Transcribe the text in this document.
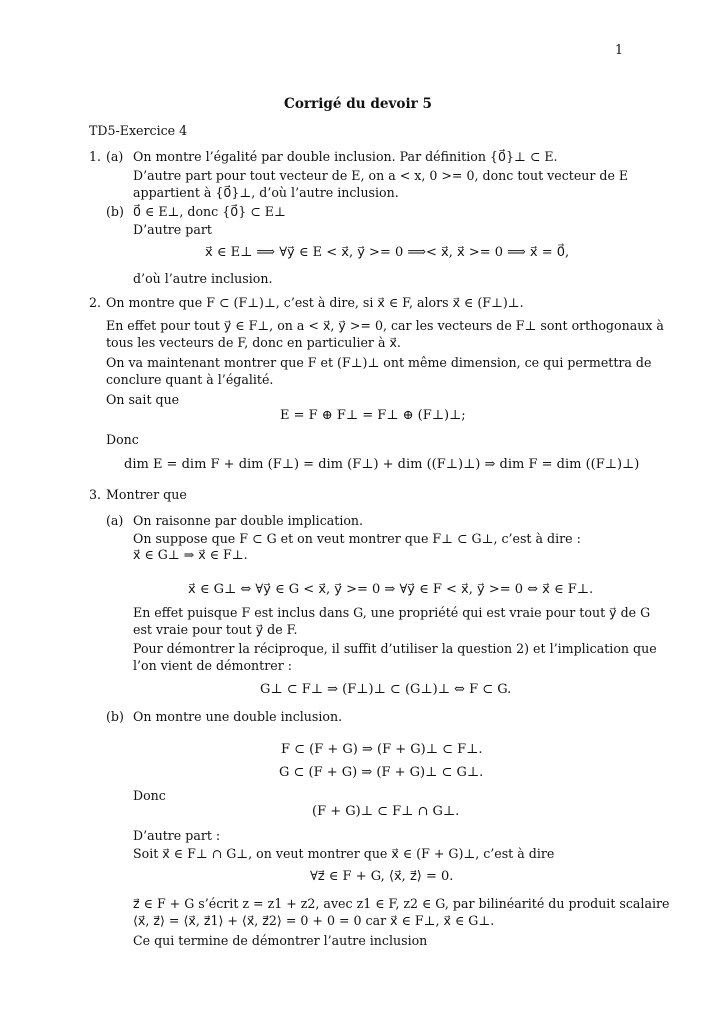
1
Corrigé du devoir 5
TD5-Exercice 4
1. (a) On montre l’égalité par double inclusion. Par définition {0⃗}⊥ ⊂ E.
D’autre part pour tout vecteur de E, on a < x, 0 >= 0, donc tout vecteur de E
appartient à {0⃗}⊥, d’où l’autre inclusion.
(b) 0⃗ ∈ E⊥, donc {0⃗} ⊂ E⊥
D’autre part
x⃗ ∈ E⊥ ⟹ ∀y⃗ ∈ E < x⃗, y⃗ >= 0 ⟹< x⃗, x⃗ >= 0 ⟹ x⃗ = 0⃗,
d’où l’autre inclusion.
2. On montre que F ⊂ (F⊥)⊥, c’est à dire, si x⃗ ∈ F, alors x⃗ ∈ (F⊥)⊥.
En effet pour tout y⃗ ∈ F⊥, on a < x⃗, y⃗ >= 0, car les vecteurs de F⊥ sont orthogonaux à
tous les vecteurs de F, donc en particulier à x⃗.
On va maintenant montrer que F et (F⊥)⊥ ont même dimension, ce qui permettra de
conclure quant à l’égalité.
On sait que
E = F ⊕ F⊥ = F⊥ ⊕ (F⊥)⊥;
Donc
dim E = dim F + dim (F⊥) = dim (F⊥) + dim ((F⊥)⊥) ⇒ dim F = dim ((F⊥)⊥)
3. Montrer que
(a) On raisonne par double implication.
On suppose que F ⊂ G et on veut montrer que F⊥ ⊂ G⊥, c’est à dire :
x⃗ ∈ G⊥ ⇒ x⃗ ∈ F⊥.
x⃗ ∈ G⊥ ⇔ ∀y⃗ ∈ G < x⃗, y⃗ >= 0 ⇒ ∀y⃗ ∈ F < x⃗, y⃗ >= 0 ⇔ x⃗ ∈ F⊥.
En effet puisque F est inclus dans G, une propriété qui est vraie pour tout y⃗ de G
est vraie pour tout y⃗ de F.
Pour démontrer la réciproque, il suffit d’utiliser la question 2) et l’implication que
l’on vient de démontrer :
G⊥ ⊂ F⊥ ⇒ (F⊥)⊥ ⊂ (G⊥)⊥ ⇔ F ⊂ G.
(b) On montre une double inclusion.
F ⊂ (F + G) ⇒ (F + G)⊥ ⊂ F⊥.
G ⊂ (F + G) ⇒ (F + G)⊥ ⊂ G⊥.
Donc
(F + G)⊥ ⊂ F⊥ ∩ G⊥.
D’autre part :
Soit x⃗ ∈ F⊥ ∩ G⊥, on veut montrer que x⃗ ∈ (F + G)⊥, c’est à dire
∀z⃗ ∈ F + G, ⟨x⃗, z⃗⟩ = 0.
z⃗ ∈ F + G s’écrit z = z1 + z2, avec z1 ∈ F, z2 ∈ G, par bilinéarité du produit scalaire
⟨x⃗, z⃗⟩ = ⟨x⃗, z⃗1⟩ + ⟨x⃗, z⃗2⟩ = 0 + 0 = 0 car x⃗ ∈ F⊥, x⃗ ∈ G⊥.
Ce qui termine de démontrer l’autre inclusion
